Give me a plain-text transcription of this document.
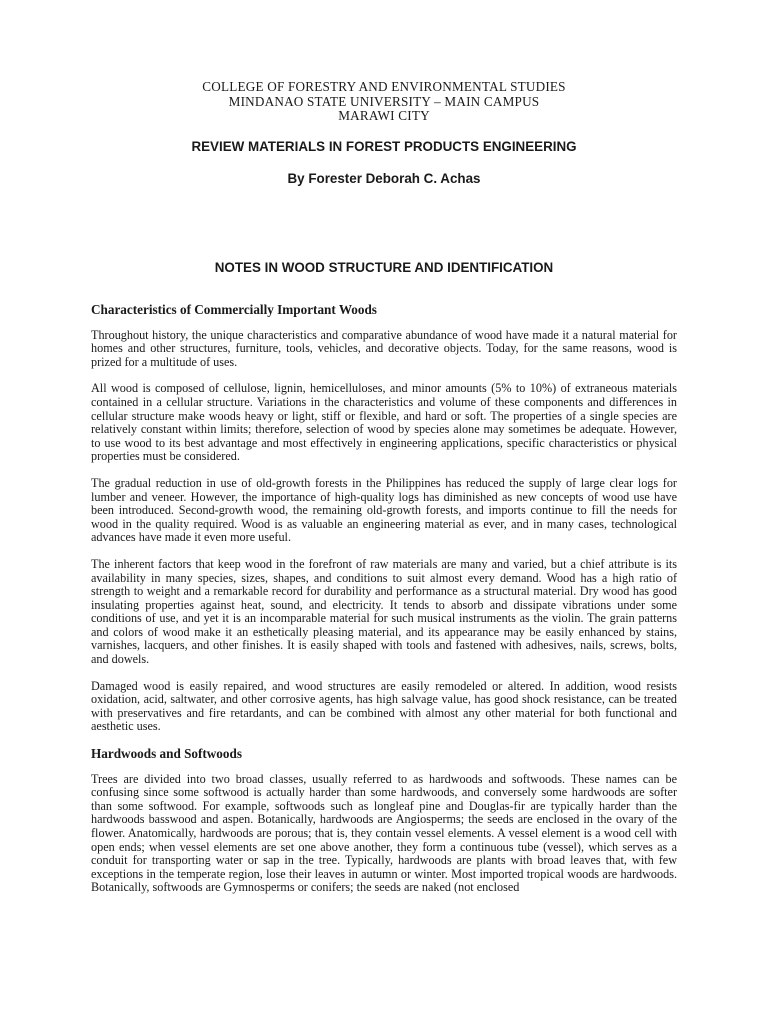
COLLEGE OF FORESTRY AND ENVIRONMENTAL STUDIES
MINDANAO STATE UNIVERSITY – MAIN CAMPUS
MARAWI CITY
REVIEW MATERIALS IN FOREST PRODUCTS ENGINEERING
By Forester Deborah C. Achas
NOTES IN WOOD STRUCTURE AND IDENTIFICATION
Characteristics of Commercially Important Woods

Throughout history, the unique characteristics and comparative abundance of wood have made it a natural material for homes and other structures, furniture, tools, vehicles, and decorative objects. Today, for the same reasons, wood is prized for a multitude of uses.

All wood is composed of cellulose, lignin, hemicelluloses, and minor amounts (5% to 10%) of extraneous materials contained in a cellular structure. Variations in the characteristics and volume of these components and differences in cellular structure make woods heavy or light, stiff or flexible, and hard or soft. The properties of a single species are relatively constant within limits; therefore, selection of wood by species alone may sometimes be adequate. However, to use wood to its best advantage and most effectively in engineering applications, specific characteristics or physical properties must be considered.

The gradual reduction in use of old-growth forests in the Philippines has reduced the supply of large clear logs for lumber and veneer. However, the importance of high-quality logs has diminished as new concepts of wood use have been introduced. Second-growth wood, the remaining old-growth forests, and imports continue to fill the needs for wood in the quality required. Wood is as valuable an engineering material as ever, and in many cases, technological advances have made it even more useful.

The inherent factors that keep wood in the forefront of raw materials are many and varied, but a chief attribute is its availability in many species, sizes, shapes, and conditions to suit almost every demand. Wood has a high ratio of strength to weight and a remarkable record for durability and performance as a structural material. Dry wood has good insulating properties against heat, sound, and electricity. It tends to absorb and dissipate vibrations under some conditions of use, and yet it is an incomparable material for such musical instruments as the violin. The grain patterns and colors of wood make it an esthetically pleasing material, and its appearance may be easily enhanced by stains, varnishes, lacquers, and other finishes. It is easily shaped with tools and fastened with adhesives, nails, screws, bolts, and dowels.

Damaged wood is easily repaired, and wood structures are easily remodeled or altered. In addition, wood resists oxidation, acid, saltwater, and other corrosive agents, has high salvage value, has good shock resistance, can be treated with preservatives and fire retardants, and can be combined with almost any other material for both functional and aesthetic uses.

Hardwoods and Softwoods

Trees are divided into two broad classes, usually referred to as hardwoods and softwoods. These names can be confusing since some softwood is actually harder than some hardwoods, and conversely some hardwoods are softer than some softwood. For example, softwoods such as longleaf pine and Douglas-fir are typically harder than the hardwoods basswood and aspen. Botanically, hardwoods are Angiosperms; the seeds are enclosed in the ovary of the flower. Anatomically, hardwoods are porous; that is, they contain vessel elements. A vessel element is a wood cell with open ends; when vessel elements are set one above another, they form a continuous tube (vessel), which serves as a conduit for transporting water or sap in the tree. Typically, hardwoods are plants with broad leaves that, with few exceptions in the temperate region, lose their leaves in autumn or winter. Most imported tropical woods are hardwoods. Botanically, softwoods are Gymnosperms or conifers; the seeds are naked (not enclosed
